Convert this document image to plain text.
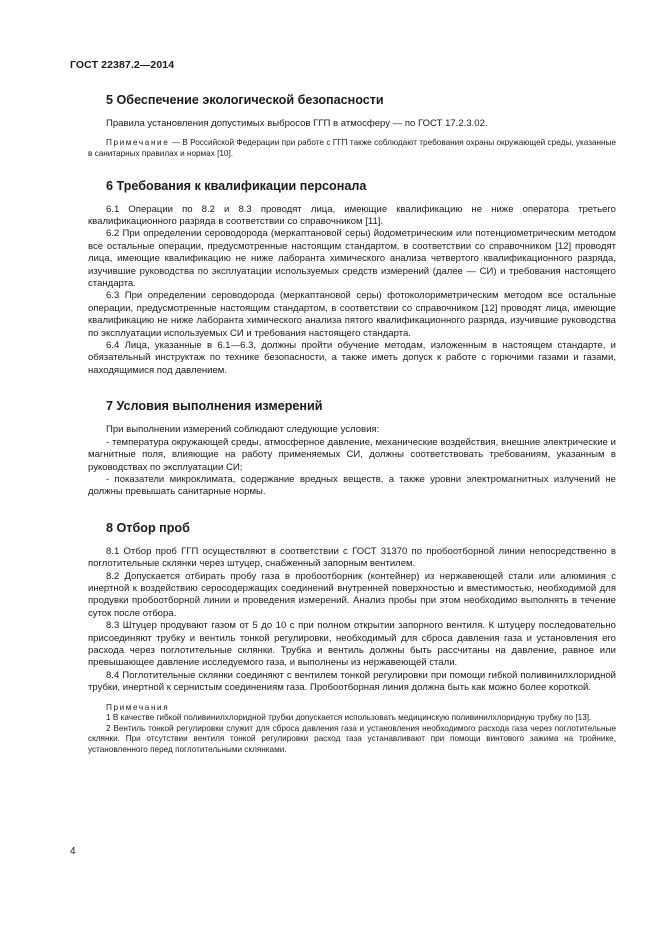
ГОСТ 22387.2—2014
5 Обеспечение экологической безопасности

Правила установления допустимых выбросов ГГП в атмосферу — по ГОСТ 17.2.3.02.

Примечание — В Российской Федерации при работе с ГГП также соблюдают требования охраны окружающей среды, указанные в санитарных правилах и нормах [10].

6 Требования к квалификации персонала

6.1 Операции по 8.2 и 8.3 проводят лица, имеющие квалификацию не ниже оператора третьего квалификационного разряда в соответствии со справочником [11].

6.2 При определении сероводорода (меркаптановой серы) йодометрическим или потенциометрическим методом все остальные операции, предусмотренные настоящим стандартом, в соответствии со справочником [12] проводят лица, имеющие квалификацию не ниже лаборанта химического анализа четвертого квалификационного разряда, изучившие руководства по эксплуатации используемых средств измерений (далее — СИ) и требования настоящего стандарта.

6.3 При определении сероводорода (меркаптановой серы) фотоколориметрическим методом все остальные операции, предусмотренные настоящим стандартом, в соответствии со справочником [12] проводят лица, имеющие квалификацию не ниже лаборанта химического анализа пятого квалификационного разряда, изучившие руководства по эксплуатации используемых СИ и требования настоящего стандарта.

6.4 Лица, указанные в 6.1—6.3, должны пройти обучение методам, изложенным в настоящем стандарте, и обязательный инструктаж по технике безопасности, а также иметь допуск к работе с горючими газами и газами, находящимися под давлением.

7 Условия выполнения измерений

При выполнении измерений соблюдают следующие условия:

- температура окружающей среды, атмосферное давление, механические воздействия, внешние электрические и магнитные поля, влияющие на работу применяемых СИ, должны соответствовать требованиям, указанным в руководствах по эксплуатации СИ;

- показатели микроклимата, содержание вредных веществ, а также уровни электромагнитных излучений не должны превышать санитарные нормы.

8 Отбор проб

8.1 Отбор проб ГГП осуществляют в соответствии с ГОСТ 31370 по пробоотборной линии непосредственно в поглотительные склянки через штуцер, снабженный запорным вентилем.

8.2 Допускается отбирать пробу газа в пробоотборник (контейнер) из нержавеющей стали или алюминия с инертной к воздействию серосодержащих соединений внутренней поверхностью и вместимостью, необходимой для продувки пробоотборной линии и проведения измерений. Анализ пробы при этом необходимо выполнять в течение суток после отбора.

8.3 Штуцер продувают газом от 5 до 10 с при полном открытии запорного вентиля. К штуцеру последовательно присоединяют трубку и вентиль тонкой регулировки, необходимый для сброса давления газа и установления его расхода через поглотительные склянки. Трубка и вентиль должны быть рассчитаны на давление, равное или превышающее давление исследуемого газа, и выполнены из нержавеющей стали.

8.4 Поглотительные склянки соединяют с вентилем тонкой регулировки при помощи гибкой поливинилхлоридной трубки, инертной к сернистым соединениям газа. Пробоотборная линия должна быть как можно более короткой.

Примечания

1 В качестве гибкой поливинилхлоридной трубки допускается использовать медицинскую поливинилхлоридную трубку по [13].

2 Вентиль тонкой регулировки служит для сброса давления газа и установления необходимого расхода газа через поглотительные склянки. При отсутствии вентиля тонкой регулировки расход газа устанавливают при помощи винтового зажима на тройнике, установленного перед поглотительными склянками.

4
